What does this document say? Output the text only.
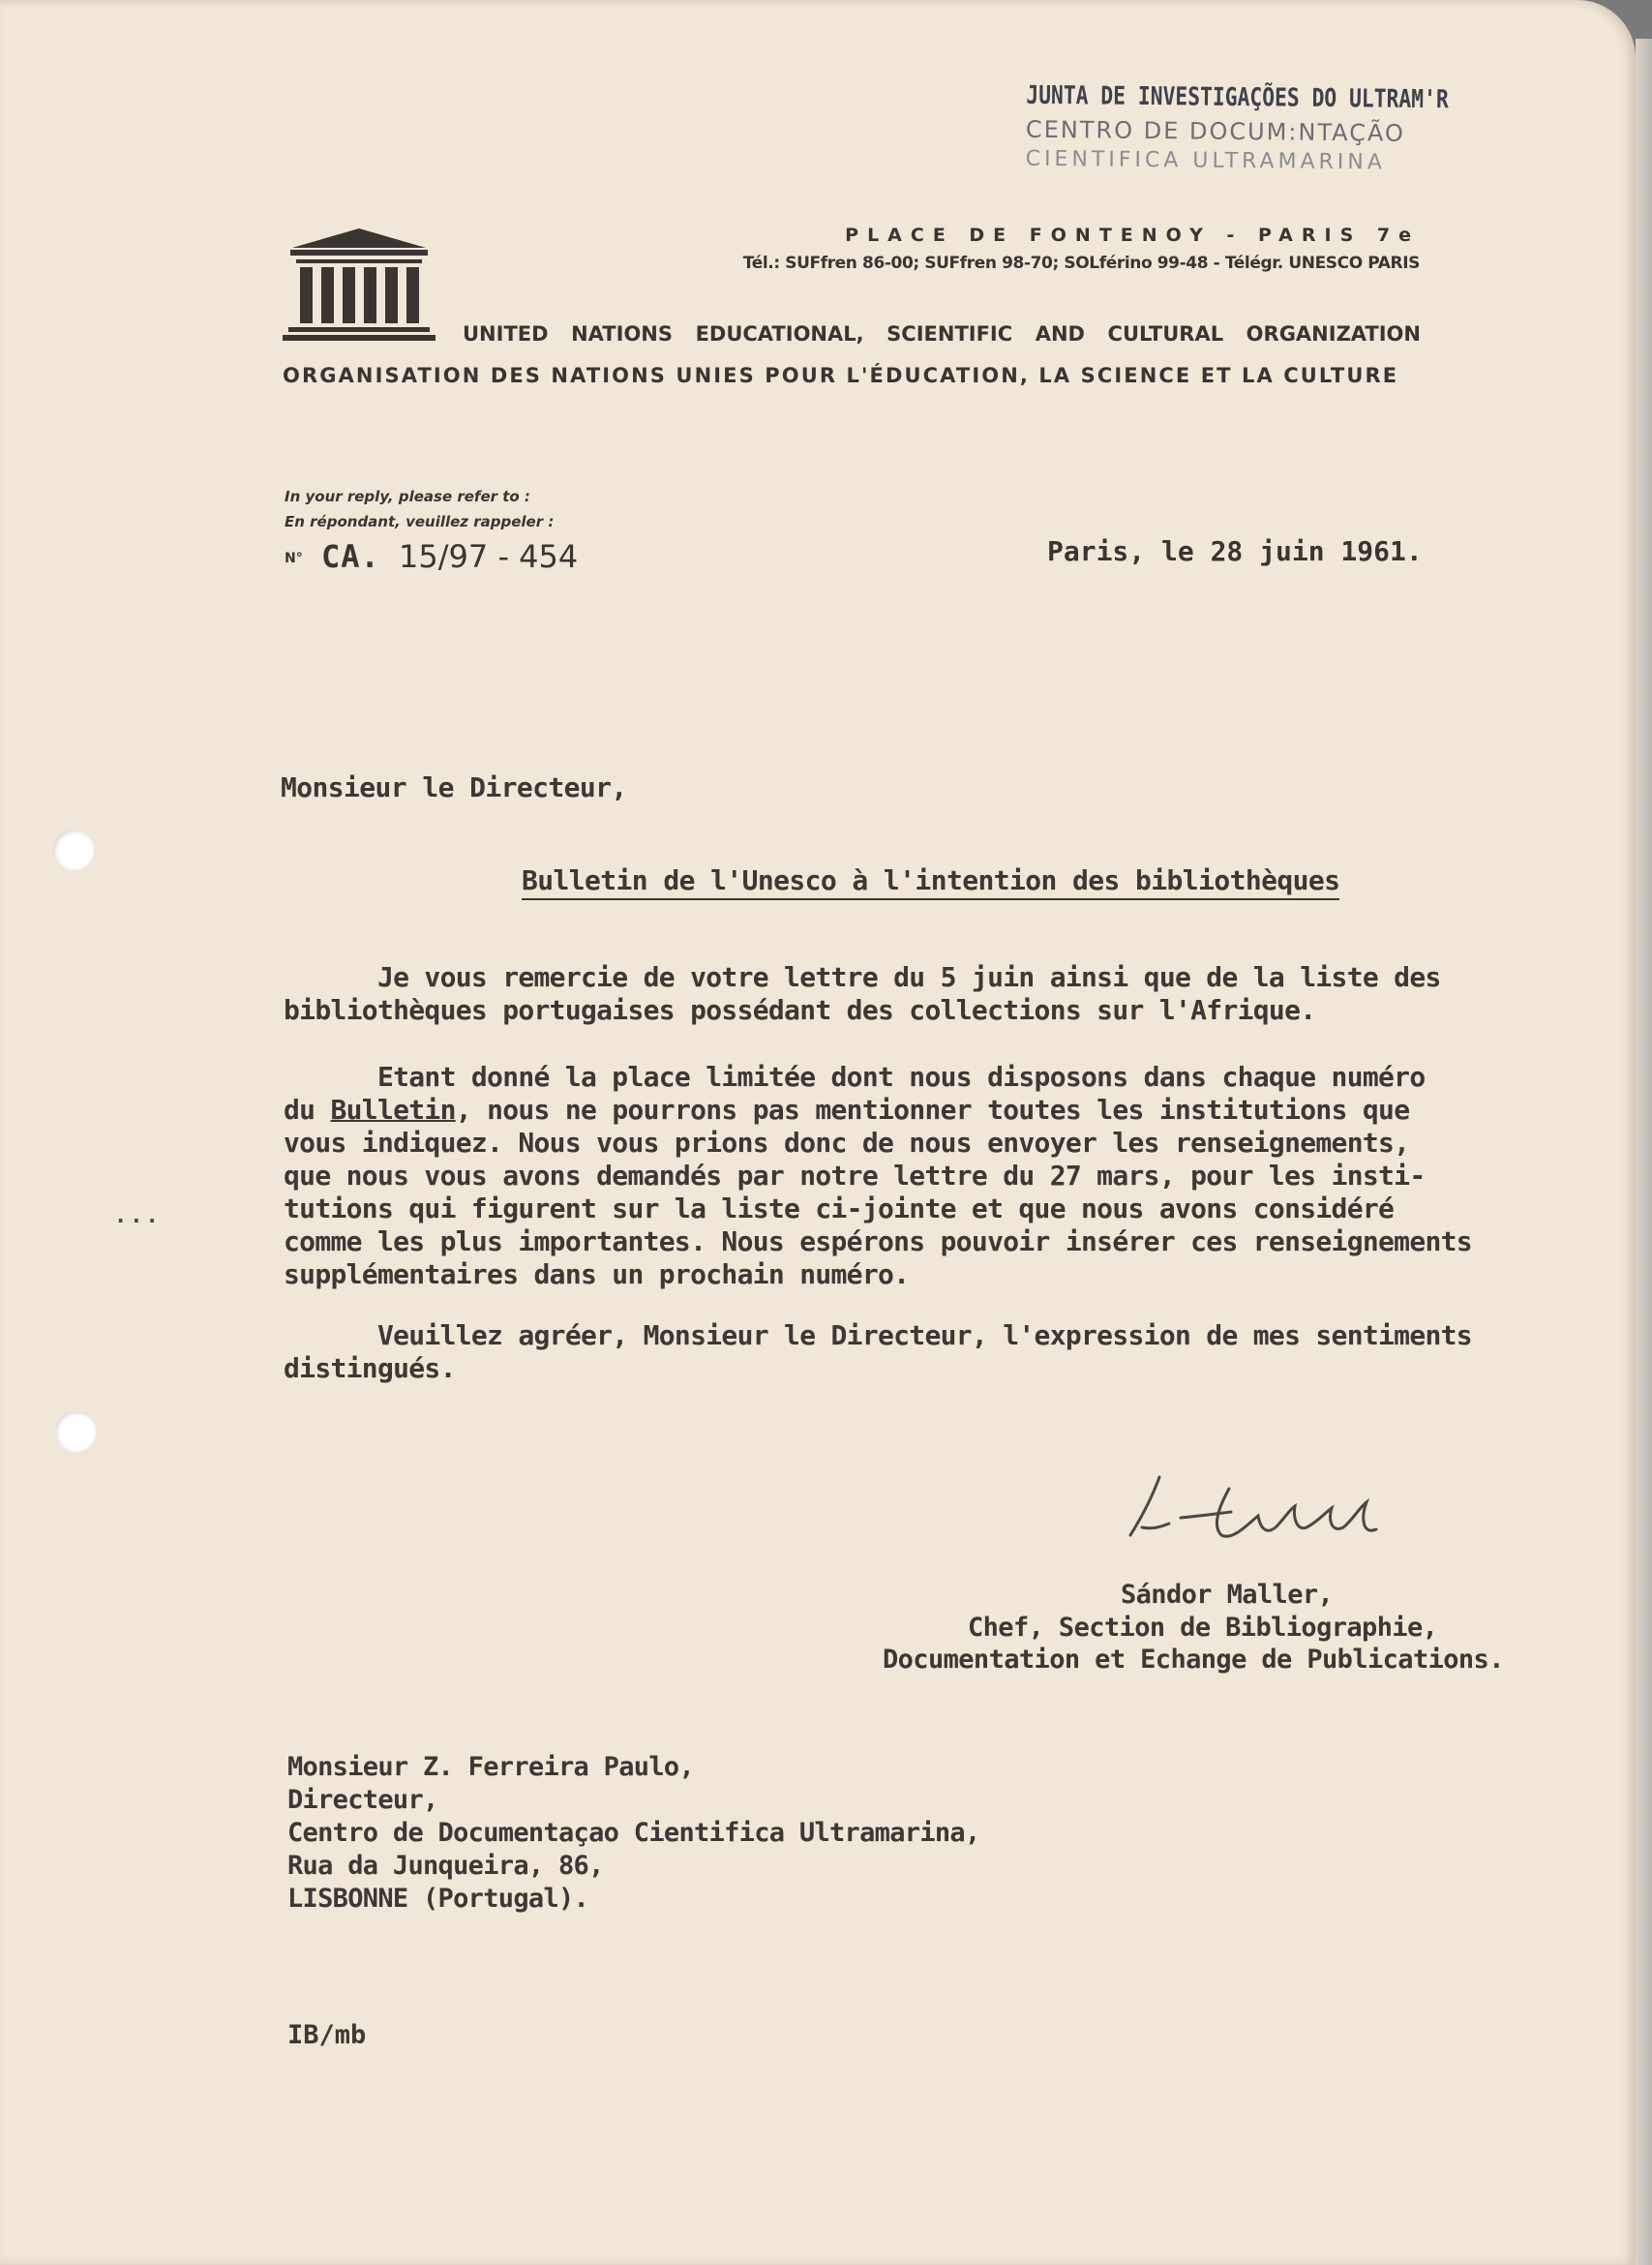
...
JUNTA DE INVESTIGAÇÕES DO ULTRAM'R
CENTRO DE DOCUM:NTAÇÃO
CIENTIFICA ULTRAMARINA
PLACE DE FONTENOY - PARIS 7e
Tél.: SUFfren 86-00; SUFfren 98-70; SOLférino 99-48 - Télégr. UNESCO PARIS
UNITED NATIONS EDUCATIONAL, SCIENTIFIC AND CULTURAL ORGANIZATION
ORGANISATION DES NATIONS UNIES POUR L'ÉDUCATION, LA SCIENCE ET LA CULTURE
In your reply, please refer to :
En répondant, veuillez rappeler :
N° CA. 15/97 - 454	Paris, le 28 juin 1961.
Monsieur le Directeur,
Bulletin de l'Unesco à l'intention des bibliothèques
Je vous remercie de votre lettre du 5 juin ainsi que de la liste des
bibliothèques portugaises possédant des collections sur l'Afrique.
Etant donné la place limitée dont nous disposons dans chaque numéro
du Bulletin, nous ne pourrons pas mentionner toutes les institutions que
vous indiquez. Nous vous prions donc de nous envoyer les renseignements,
que nous vous avons demandés par notre lettre du 27 mars, pour les insti-
tutions qui figurent sur la liste ci-jointe et que nous avons considéré
comme les plus importantes. Nous espérons pouvoir insérer ces renseignements
supplémentaires dans un prochain numéro.
Veuillez agréer, Monsieur le Directeur, l'expression de mes sentiments
distingués.
Sándor Maller,
Chef, Section de Bibliographie,
Documentation et Echange de Publications.
Monsieur Z. Ferreira Paulo,
Directeur,
Centro de Documentaçao Cientifica Ultramarina,
Rua da Junqueira, 86,
LISBONNE (Portugal).
IB/mb
